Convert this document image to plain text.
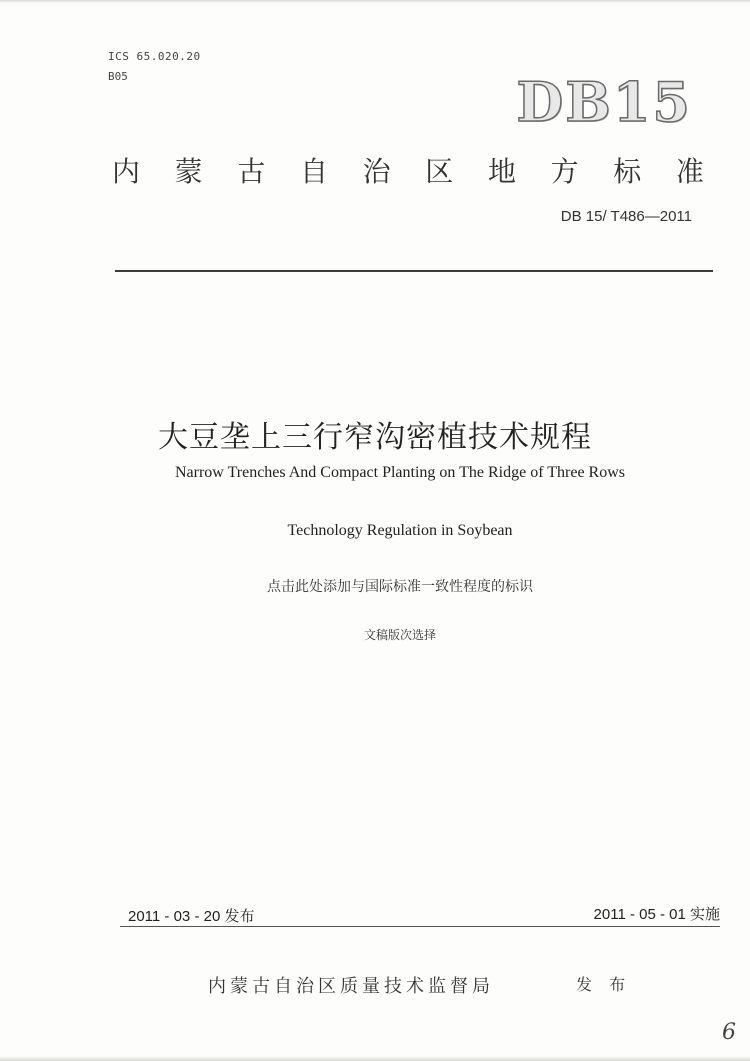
ICS 65.020.20
B05	DB15
内 蒙 古 自 治 区 地 方 标 准
DB 15/ T486—2011
大豆垄上三行窄沟密植技术规程
Narrow Trenches And Compact Planting on The Ridge of Three Rows
Technology Regulation in Soybean
点击此处添加与国际标准一致性程度的标识
文稿版次选择
2011 - 03 - 20 发布	2011 - 05 - 01 实施
内蒙古自治区质量技术监督局	发 布
6
